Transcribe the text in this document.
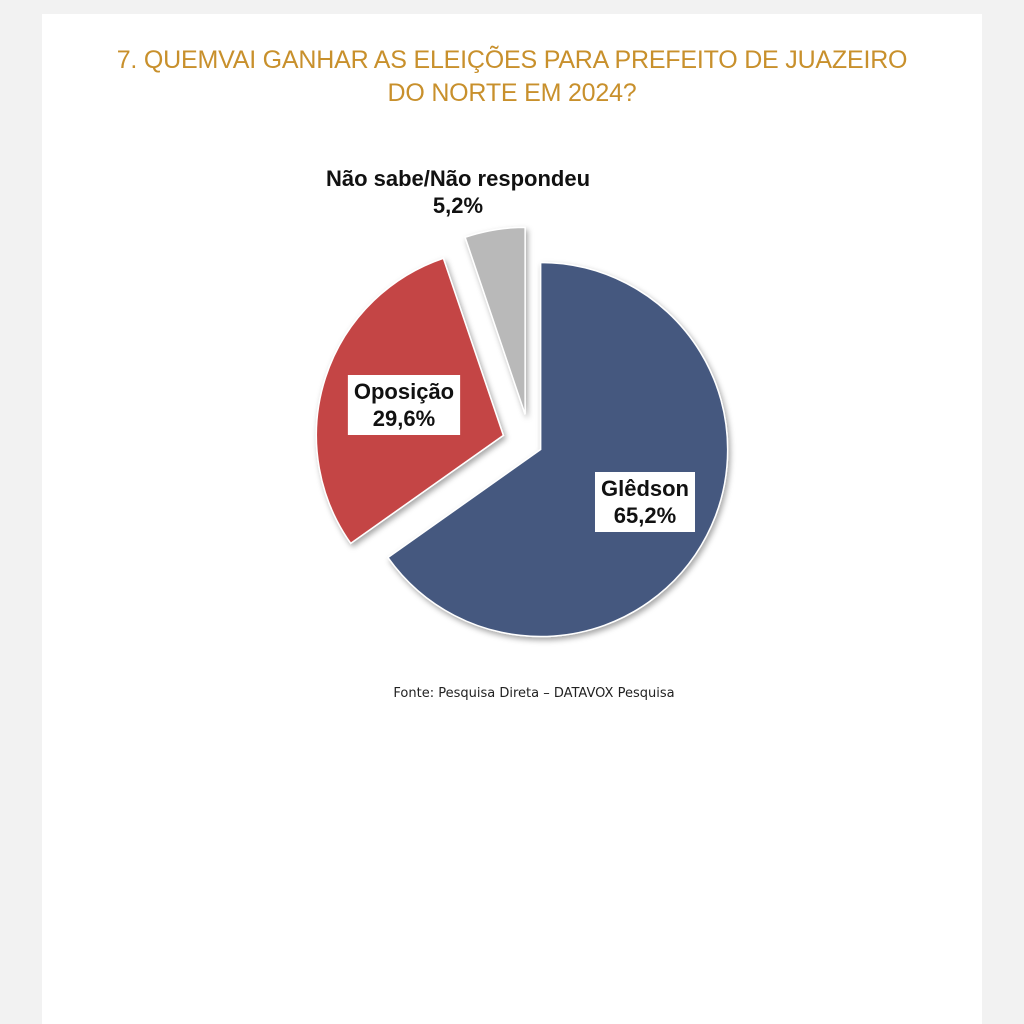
7. QUEMVAI GANHAR AS ELEIÇÕES PARA PREFEITO DE JUAZEIRO
DO NORTE EM 2024?
Glêdson
65,2%
Oposição
29,6%
Não sabe/Não respondeu
5,2%
Fonte: Pesquisa Direta – DATAVOX Pesquisa
